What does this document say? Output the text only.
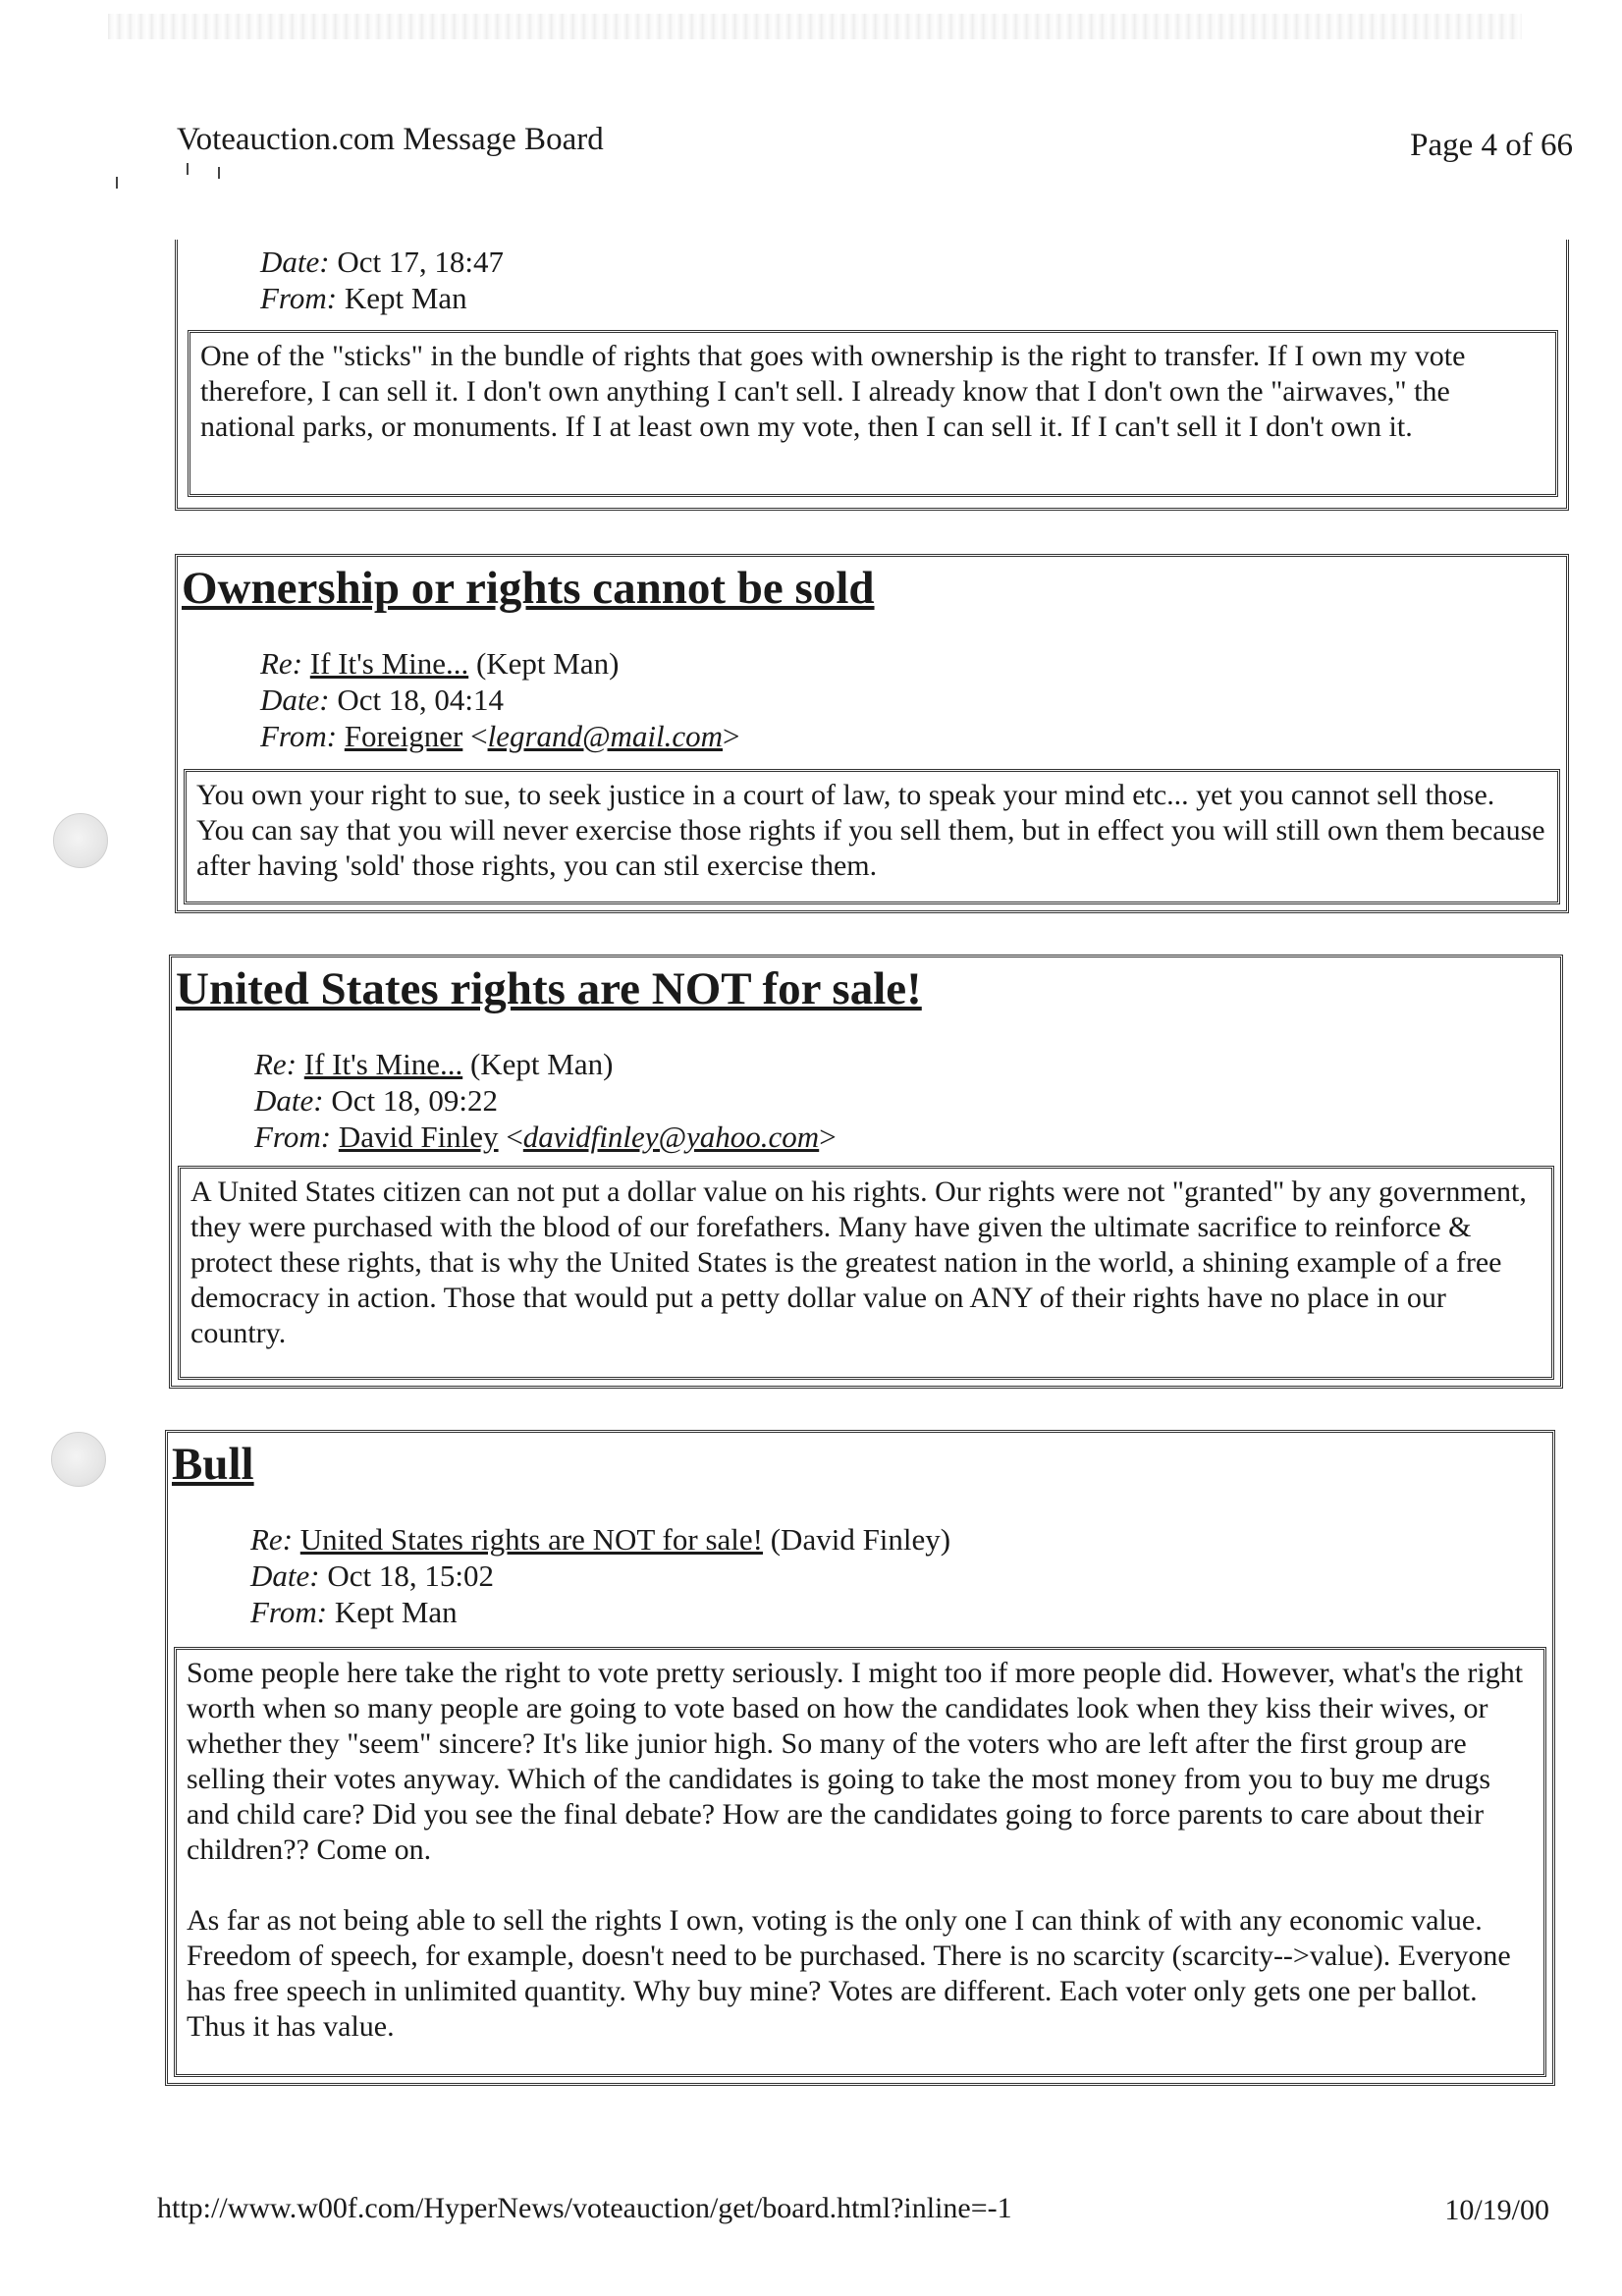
Voteauction.com Message Board	Page 4 of 66
Date: Oct 17, 18:47
From: Kept Man

One of the "sticks" in the bundle of rights that goes with ownership is the right to transfer. If I own my vote therefore, I can sell it. I don't own anything I can't sell. I already know that I don't own the "airwaves," the national parks, or monuments. If I at least own my vote, then I can sell it. If I can't sell it I don't own it.

Ownership or rights cannot be sold
Re: If It's Mine... (Kept Man)
Date: Oct 18, 04:14
From: Foreigner <legrand@mail.com>

You own your right to sue, to seek justice in a court of law, to speak your mind etc... yet you cannot sell those. You can say that you will never exercise those rights if you sell them, but in effect you will still own them because after having 'sold' those rights, you can stil exercise them.

United States rights are NOT for sale!
Re: If It's Mine... (Kept Man)
Date: Oct 18, 09:22
From: David Finley <davidfinley@yahoo.com>

A United States citizen can not put a dollar value on his rights. Our rights were not "granted" by any government, they were purchased with the blood of our forefathers. Many have given the ultimate sacrifice to reinforce & protect these rights, that is why the United States is the greatest nation in the world, a shining example of a free democracy in action. Those that would put a petty dollar value on ANY of their rights have no place in our country.

Bull
Re: United States rights are NOT for sale! (David Finley)
Date: Oct 18, 15:02
From: Kept Man

Some people here take the right to vote pretty seriously. I might too if more people did. However, what's the right worth when so many people are going to vote based on how the candidates look when they kiss their wives, or whether they "seem" sincere? It's like junior high. So many of the voters who are left after the first group are selling their votes anyway. Which of the candidates is going to take the most money from you to buy me drugs and child care? Did you see the final debate? How are the candidates going to force parents to care about their children?? Come on.

As far as not being able to sell the rights I own, voting is the only one I can think of with any economic value. Freedom of speech, for example, doesn't need to be purchased. There is no scarcity (scarcity-->value). Everyone has free speech in unlimited quantity. Why buy mine? Votes are different. Each voter only gets one per ballot. Thus it has value.

http://www.w00f.com/HyperNews/voteauction/get/board.html?inline=-1	10/19/00
